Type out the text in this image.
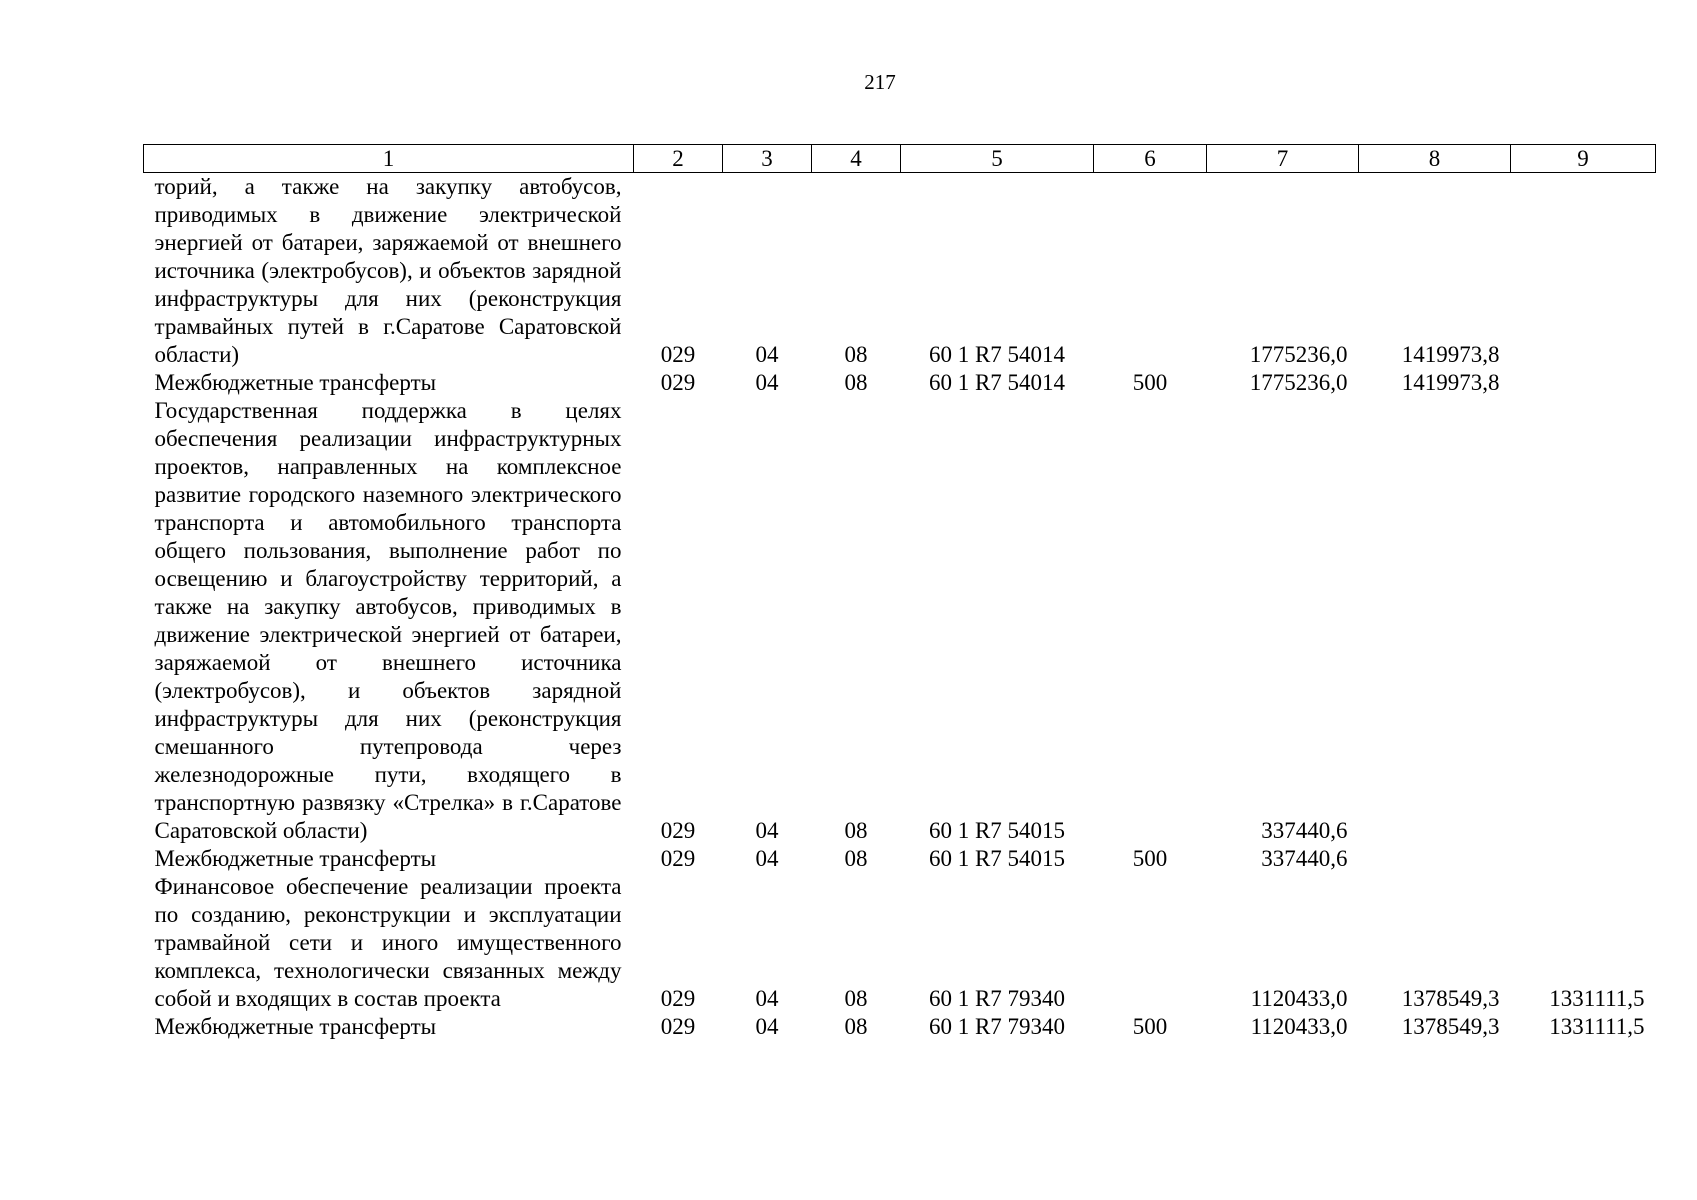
217
1	2	3	4	5	6	7	8	9
торий, а также на закупку автобусов, приводимых в движение электрической энергией от батареи, заряжаемой от внешнего источника (электробусов), и объектов зарядной инфраструктуры для них (реконструкция трамвайных путей в г.Саратове Саратовской области)	029	04	08	60 1 R7 54014		1775236,0	1419973,8	
Межбюджетные трансферты	029	04	08	60 1 R7 54014	500	1775236,0	1419973,8	
Государственная поддержка в целях обеспечения реализации инфраструктурных проектов, направленных на комплексное развитие городского наземного электрического транспорта и автомобильного транспорта общего пользования, выполнение работ по освещению и благоустройству территорий, а также на закупку автобусов, приводимых в движение электрической энергией от батареи, заряжаемой от внешнего источника (электробусов), и объектов зарядной инфраструктуры для них (реконструкция смешанного путепровода через железнодорожные пути, входящего в транспортную развязку «Стрелка» в г.Саратове Саратовской области)	029	04	08	60 1 R7 54015		337440,6		
Межбюджетные трансферты	029	04	08	60 1 R7 54015	500	337440,6		
Финансовое обеспечение реализации проекта по созданию, реконструкции и эксплуатации трамвайной сети и иного имущественного комплекса, технологически связанных между собой и входящих в состав проекта	029	04	08	60 1 R7 79340		1120433,0	1378549,3	1331111,5
Межбюджетные трансферты	029	04	08	60 1 R7 79340	500	1120433,0	1378549,3	1331111,5
